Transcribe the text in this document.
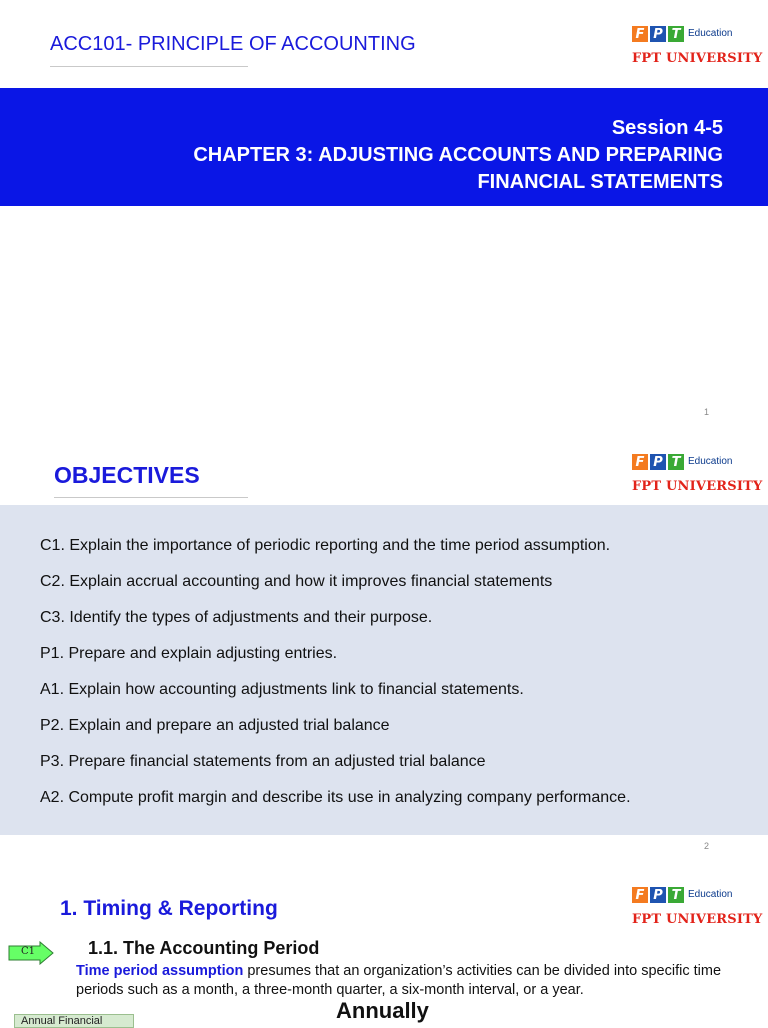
ACC101- PRINCIPLE OF ACCOUNTING	F P T Education
FPT UNIVERSITY
Session 4-5
CHAPTER 3: ADJUSTING ACCOUNTS AND PREPARING
FINANCIAL STATEMENTS
1
OBJECTIVES	F P T Education
FPT UNIVERSITY
C1. Explain the importance of periodic reporting and the time period assumption.
C2. Explain accrual accounting and how it improves financial statements
C3. Identify the types of adjustments and their purpose.
P1. Prepare and explain adjusting entries.
A1. Explain how accounting adjustments link to financial statements.
P2. Explain and prepare an adjusted trial balance
P3. Prepare financial statements from an adjusted trial balance
A2. Compute profit margin and describe its use in analyzing company performance.
2
1. Timing & Reporting
F P T Education
FPT UNIVERSITY
C1	1.1. The Accounting Period
Time period assumption presumes that an organization’s activities can be divided into specific time periods such as a month, a three-month quarter, a six-month interval, or a year.
Annually
Annual Financial
